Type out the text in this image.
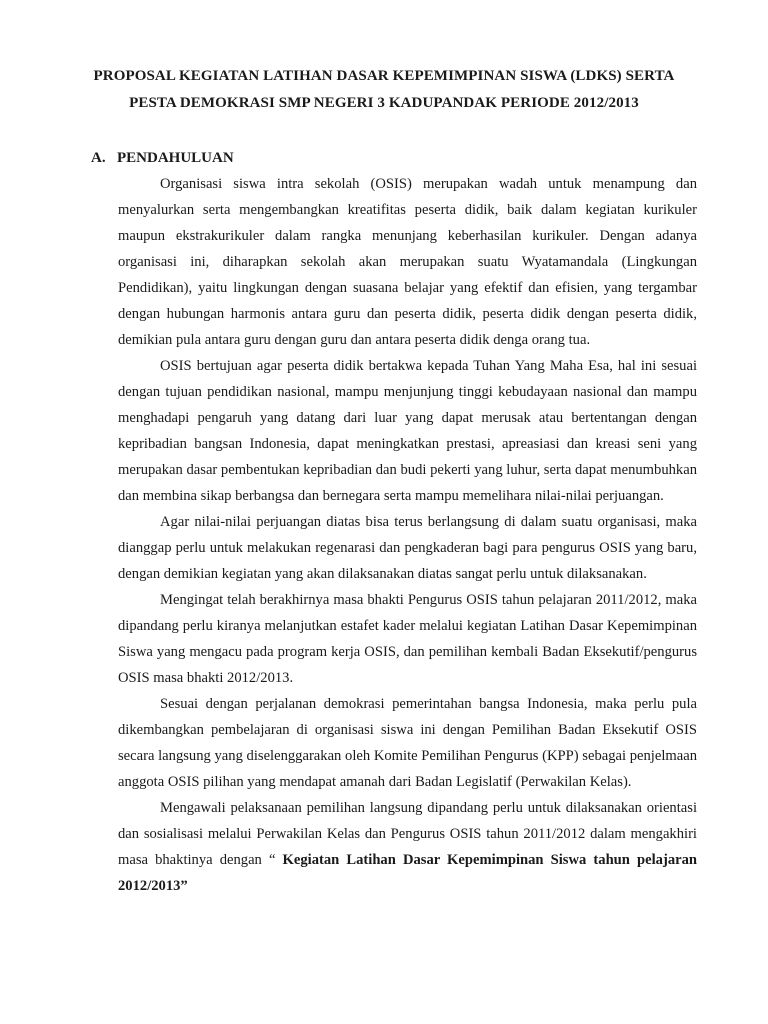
PROPOSAL KEGIATAN LATIHAN DASAR KEPEMIMPINAN SISWA (LDKS) SERTA
PESTA DEMOKRASI SMP NEGERI 3 KADUPANDAK PERIODE 2012/2013
A. PENDAHULUAN

Organisasi siswa intra sekolah (OSIS) merupakan wadah untuk menampung dan menyalurkan serta mengembangkan kreatifitas peserta didik, baik dalam kegiatan kurikuler maupun ekstrakurikuler dalam rangka menunjang keberhasilan kurikuler. Dengan adanya organisasi ini, diharapkan sekolah akan merupakan suatu Wyatamandala (Lingkungan Pendidikan), yaitu lingkungan dengan suasana belajar yang efektif dan efisien, yang tergambar dengan hubungan harmonis antara guru dan peserta didik, peserta didik dengan peserta didik, demikian pula antara guru dengan guru dan antara peserta didik denga orang tua.

OSIS bertujuan agar peserta didik bertakwa kepada Tuhan Yang Maha Esa, hal ini sesuai dengan tujuan pendidikan nasional, mampu menjunjung tinggi kebudayaan nasional dan mampu menghadapi pengaruh yang datang dari luar yang dapat merusak atau bertentangan dengan kepribadian bangsan Indonesia, dapat meningkatkan prestasi, apreasiasi dan kreasi seni yang merupakan dasar pembentukan kepribadian dan budi pekerti yang luhur, serta dapat menumbuhkan dan membina sikap berbangsa dan bernegara serta mampu memelihara nilai-nilai perjuangan.

Agar nilai-nilai perjuangan diatas bisa terus berlangsung di dalam suatu organisasi, maka dianggap perlu untuk melakukan regenarasi dan pengkaderan bagi para pengurus OSIS yang baru, dengan demikian kegiatan yang akan dilaksanakan diatas sangat perlu untuk dilaksanakan.

Mengingat telah berakhirnya masa bhakti Pengurus OSIS tahun pelajaran 2011/2012, maka dipandang perlu kiranya melanjutkan estafet kader melalui kegiatan Latihan Dasar Kepemimpinan Siswa yang mengacu pada program kerja OSIS, dan pemilihan kembali Badan Eksekutif/pengurus OSIS masa bhakti 2012/2013.

Sesuai dengan perjalanan demokrasi pemerintahan bangsa Indonesia, maka perlu pula dikembangkan pembelajaran di organisasi siswa ini dengan Pemilihan Badan Eksekutif OSIS secara langsung yang diselenggarakan oleh Komite Pemilihan Pengurus (KPP) sebagai penjelmaan anggota OSIS pilihan yang mendapat amanah dari Badan Legislatif (Perwakilan Kelas).

Mengawali pelaksanaan pemilihan langsung dipandang perlu untuk dilaksanakan orientasi dan sosialisasi melalui Perwakilan Kelas dan Pengurus OSIS tahun 2011/2012 dalam mengakhiri masa bhaktinya dengan “ Kegiatan Latihan Dasar Kepemimpinan Siswa tahun pelajaran 2012/2013”
